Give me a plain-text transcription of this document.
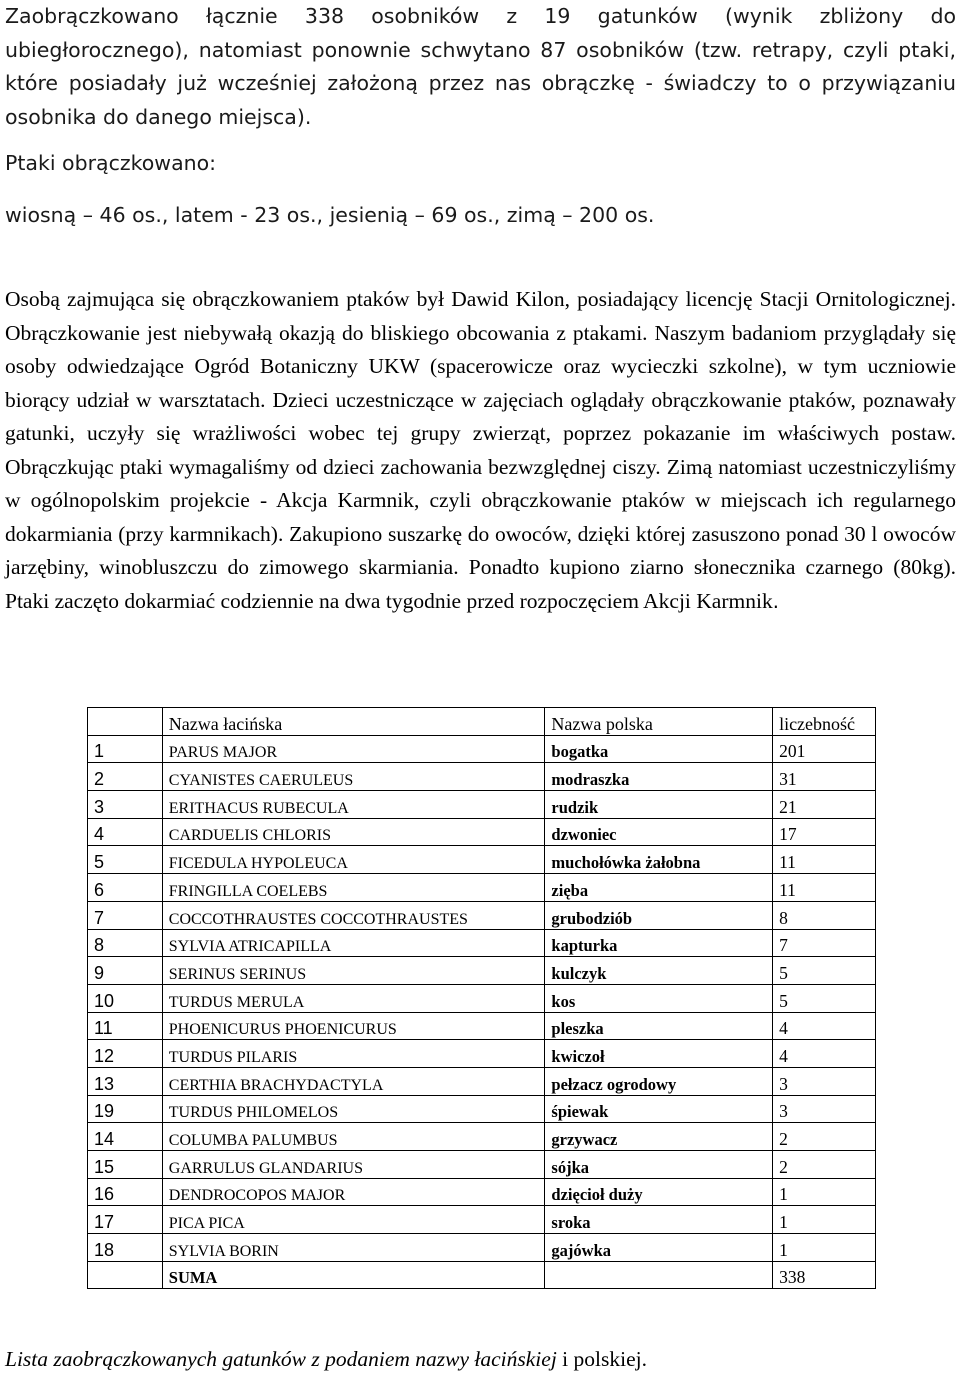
Zaobrączkowano łącznie 338 osobników z 19 gatunków (wynik zbliżony do ubiegłorocznego), natomiast ponownie schwytano 87 osobników (tzw. retrapy, czyli ptaki, które posiadały już wcześniej założoną przez nas obrączkę - świadczy to o przywiązaniu osobnika do danego miejsca).
Ptaki obrączkowano:
wiosną – 46 os., latem - 23 os., jesienią – 69 os., zimą – 200 os.
Osobą zajmująca się obrączkowaniem ptaków był Dawid Kilon, posiadający licencję Stacji Ornitologicznej. Obrączkowanie jest niebywałą okazją do bliskiego obcowania z ptakami. Naszym badaniom przyglądały się osoby odwiedzające Ogród Botaniczny UKW (spacerowicze oraz wycieczki szkolne), w tym uczniowie biorący udział w warsztatach. Dzieci uczestniczące w zajęciach oglądały obrączkowanie ptaków, poznawały gatunki, uczyły się wrażliwości wobec tej grupy zwierząt, poprzez pokazanie im właściwych postaw. Obrączkując ptaki wymagaliśmy od dzieci zachowania bezwzględnej ciszy. Zimą natomiast uczestniczyliśmy w ogólnopolskim projekcie - Akcja Karmnik, czyli obrączkowanie ptaków w miejscach ich regularnego dokarmiania (przy karmnikach). Zakupiono suszarkę do owoców, dzięki której zasuszono ponad 30 l owoców jarzębiny, winobluszczu do zimowego skarmiania. Ponadto kupiono ziarno słonecznika czarnego (80kg). Ptaki zaczęto dokarmiać codziennie na dwa tygodnie przed rozpoczęciem Akcji Karmnik.
	Nazwa łacińska	Nazwa polska	liczebność
1	PARUS MAJOR	bogatka	201
2	CYANISTES CAERULEUS	modraszka	31
3	ERITHACUS RUBECULA	rudzik	21
4	CARDUELIS CHLORIS	dzwoniec	17
5	FICEDULA HYPOLEUCA	muchołówka żałobna	11
6	FRINGILLA COELEBS	zięba	11
7	COCCOTHRAUSTES COCCOTHRAUSTES	grubodziób	8
8	SYLVIA ATRICAPILLA	kapturka	7
9	SERINUS SERINUS	kulczyk	5
10	TURDUS MERULA	kos	5
11	PHOENICURUS PHOENICURUS	pleszka	4
12	TURDUS PILARIS	kwiczoł	4
13	CERTHIA BRACHYDACTYLA	pełzacz ogrodowy	3
19	TURDUS PHILOMELOS	śpiewak	3
14	COLUMBA PALUMBUS	grzywacz	2
15	GARRULUS GLANDARIUS	sójka	2
16	DENDROCOPOS MAJOR	dzięcioł duży	1
17	PICA PICA	sroka	1
18	SYLVIA BORIN	gajówka	1
	SUMA		338
Lista zaobrączkowanych gatunków z podaniem nazwy łacińskiej i polskiej.
